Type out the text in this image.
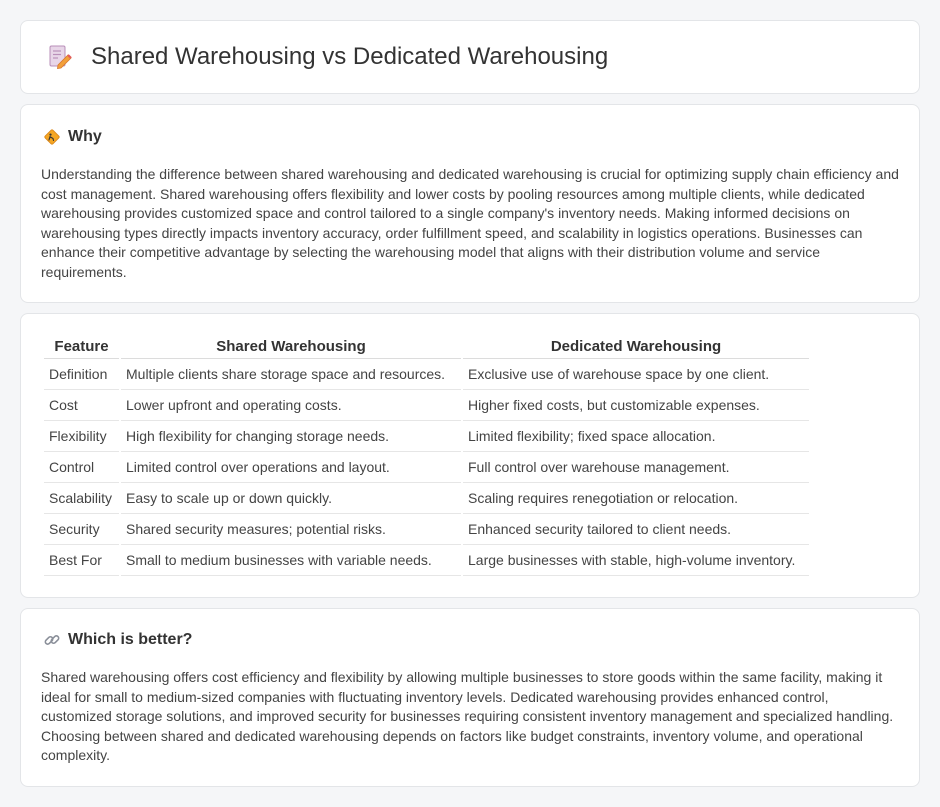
Shared Warehousing vs Dedicated Warehousing
Why

Understanding the difference between shared warehousing and dedicated warehousing is crucial for optimizing supply chain efficiency and cost management. Shared warehousing offers flexibility and lower costs by pooling resources among multiple clients, while dedicated warehousing provides customized space and control tailored to a single company's inventory needs. Making informed decisions on warehousing types directly impacts inventory accuracy, order fulfillment speed, and scalability in logistics operations. Businesses can enhance their competitive advantage by selecting the warehousing model that aligns with their distribution volume and service requirements.

Feature	Shared Warehousing	Dedicated Warehousing
Definition	Multiple clients share storage space and resources.	Exclusive use of warehouse space by one client.
Cost	Lower upfront and operating costs.	Higher fixed costs, but customizable expenses.
Flexibility	High flexibility for changing storage needs.	Limited flexibility; fixed space allocation.
Control	Limited control over operations and layout.	Full control over warehouse management.
Scalability	Easy to scale up or down quickly.	Scaling requires renegotiation or relocation.
Security	Shared security measures; potential risks.	Enhanced security tailored to client needs.
Best For	Small to medium businesses with variable needs.	Large businesses with stable, high-volume inventory.
Which is better?

Shared warehousing offers cost efficiency and flexibility by allowing multiple businesses to store goods within the same facility, making it ideal for small to medium-sized companies with fluctuating inventory levels. Dedicated warehousing provides enhanced control, customized storage solutions, and improved security for businesses requiring consistent inventory management and specialized handling. Choosing between shared and dedicated warehousing depends on factors like budget constraints, inventory volume, and operational complexity.
